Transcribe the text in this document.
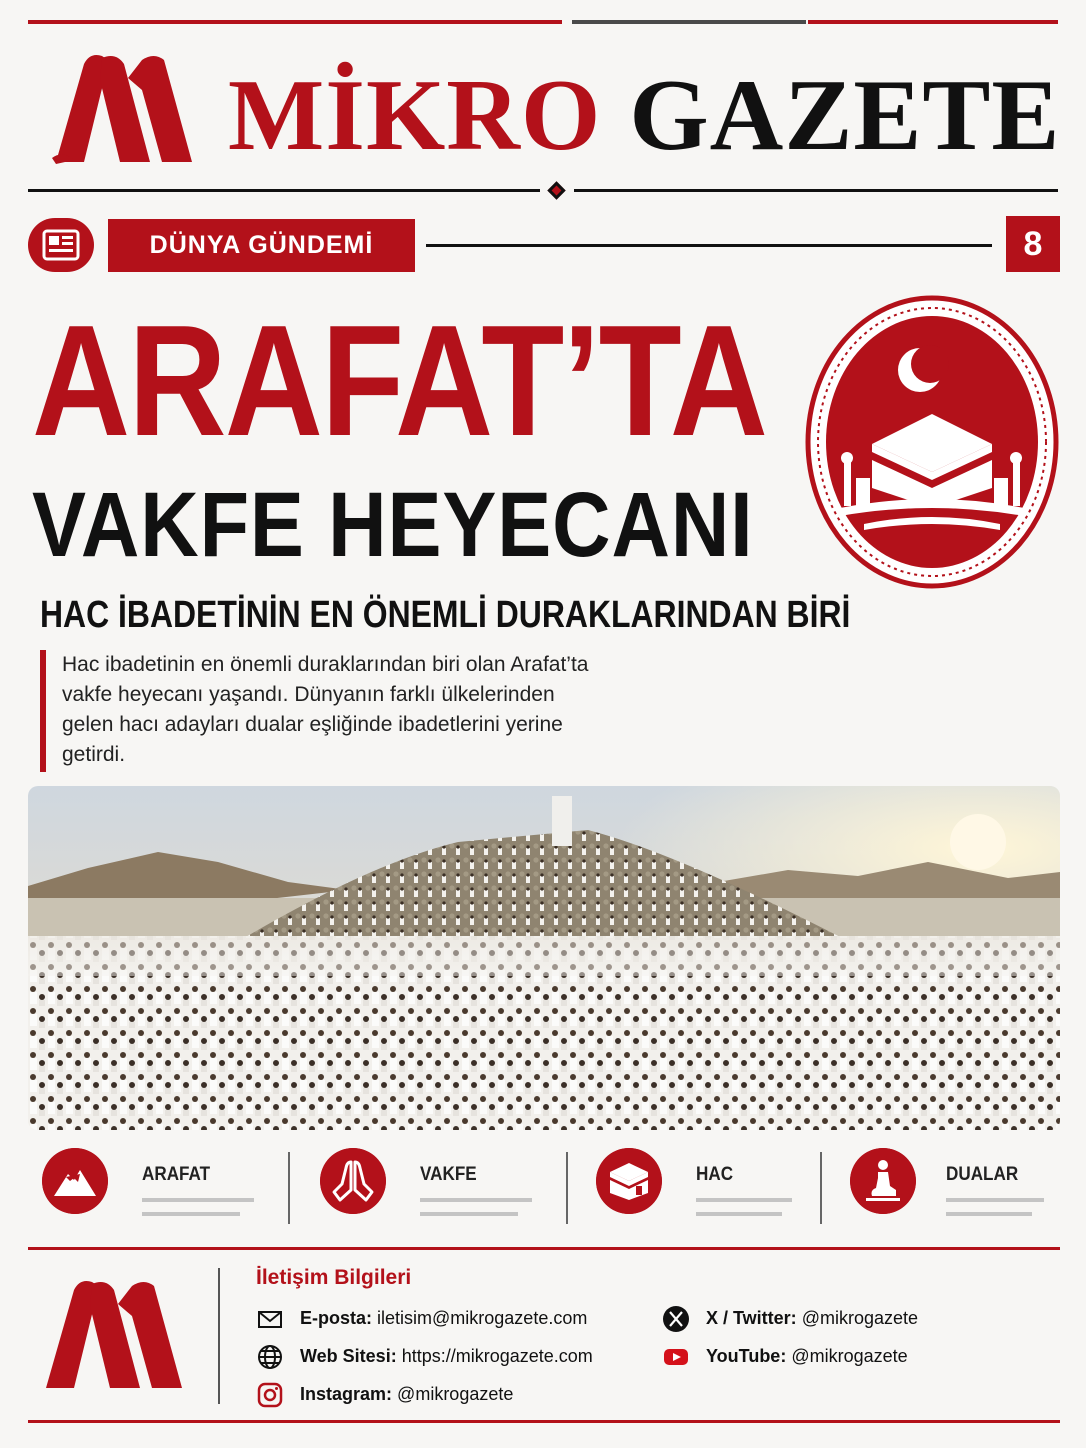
MİKRO GAZETE
DÜNYA GÜNDEMİ	8
ARAFAT’TA
VAKFE HEYECANI
HAC İBADETİNİN EN ÖNEMLİ DURAKLARINDAN BİRİ
Hac ibadetinin en önemli duraklarından biri olan Arafat’ta vakfe heyecanı yaşandı. Dünyanın farklı ülkelerinden gelen hacı adayları dualar eşliğinde ibadetlerini yerine getirdi.
ARAFAT	VAKFE	HAC	DUALAR
İletişim Bilgileri
E-posta: iletisim@mikrogazete.com
Web Sitesi: https://mikrogazete.com
Instagram: @mikrogazete
X / Twitter: @mikrogazete
YouTube: @mikrogazete
